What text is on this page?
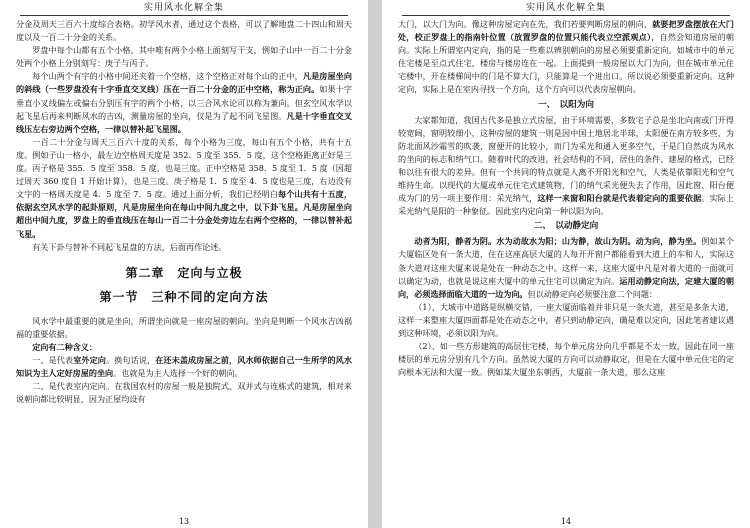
实用风水化解全集

分金及周天三百六十度综合表格。初学风水者，通过这个表格，可以了解地盘二十四山和周天度以及一百二十分金的关系。

罗盘中每个山都有五个小格，其中唯有两个小格上面刻写干支，例如子山中一百二十分金处两个小格上分别刻写：庚子与丙子。

每个山两个有字的小格中间还夹着一个空格，这个空格正对每个山的正中，凡是房屋坐向的斜线（一些罗盘没有十字垂直交叉线）压在一百二十分金的正中空格，称为正向。如果十字垂直小叉线偏左或偏右分别压有字的两个小格，以三合风水论可以称为兼向。但玄空风水学以起飞星后再来判断风水的吉凶，测量房屋的坐向，仅是为了起不同飞星图。凡是十字垂直交叉线压左右旁边两个空格，一律以替补起飞星图。

一百二十分金与周天三百六十度的关系，每个小格为三度，每山有五个小格，共有十五度。例如子山一格小，最左边空格周天度是 352．5 度至 355．5 度，这个空格距离正好是三度。丙子格是 355．5 度至 358．5 度，也是三度。正中空格是 358．5 度至 1．5 度（因超过周天 360 度自 1 开始计算），也是三度。庚子格是 1．5 度至 4．5 度也是三度，右边没有文字的一格周天度是 4．5 度至 7．5 度。通过上面分析，我们已经明白每个山共有十五度，依据玄空风水学的起卦原则，凡是房屋坐向在每山中间九度之中，以下卦飞星。凡是房屋坐向超出中间九度，罗盘上的垂直线压在每山一百二十分金处旁边左右两个空格的，一律以替补起飞星。

有关下卦与替补不同起飞星盘的方法，后面再作论述。

第二章　定向与立极
第一节　三种不同的定向方法

风水学中最重要的就是坐向，所谓坐向就是一座房屋的朝向。坐向是判断一个风水吉凶祸福的重要依据。

定向有二种含义：

一、是代表室外定向。换句话说，在还未盖成房屋之前，风水师依据自己一生所学的风水知识为主人定好房屋的坐向。也就是为主人选择一个好的朝向。

二、是代表室内定向。在我国农村的房屋一般是独院式、双并式与连栋式的建筑，相对来说朝向都比较明显，因为正屋均设有

13
实用风水化解全集

大门，以大门为向。像这种房屋定向在先，我们若要判断房屋的朝向，就要把罗盘摆放在大门处，校正罗盘上的指南针位置（放置罗盘的位置只能代表立空派观点），自然会知道房屋的朝向。实际上所谓室内定向，指的是一些难以辨别朝向的房屋必须要重新定向。如城市中的单元住宅楼是至点式住宅，楼房与楼房连在一起。上面提到一般房屋以大门为向，但在城市单元住宅楼中，开在楼梯间中的门是不算大门，只能算是一个进出口。所以说必须要重新定向。这种定向，实际上是在室内寻找一个方向，这个方向可以代表房屋朝向。

一、　以阳为向

大家都知道，我国古代多是独立式房屋，由于环境需要，多数宅子总是坐北向南或门开得较宽阔，窗明较细小，这种房屋的建筑一则是因中国土地居北半球，太阳便在南方较多些，为防北面风沙霜雪的吹袭，窗便开的比较小，而门为采光和通入更多空气，于是门自然成为风水的坐向的标志和纳气口。随着时代的改进，社会结构的不同，居住的条件、建屋的格式，已经和以往有很大的差异。但有一个共同的特点就是人离不开阳光和空气，人类是依靠阳光和空气维持生命。以现代的大厦或单元住宅式建筑物，门的纳气采光便失去了作用，因此窗、阳台便成为门的另一项主要作用：采光纳气，这样一来窗和阳台就是代表着定向的重要依据。实际上采光纳气是阳的一种象征。因此室内定向第一种以阳为向。

二、　以动静定向

动者为阳，静者为阴。水为动故水为阳；山为静，故山为阴。动为向，静为坐。例如某个大厦临区处有一条大道，住在这座高层大厦的人每开开窗户都能看到大道上的车和人，实际这条大道对这座大厦来说是处在一种动态之中。这样一来，这座大厦中凡是对着大道的一面就可以确定为动，也就是说这座大厦中的单元住宅可以确定为向。运用动静定向法，定建大厦的朝向，必须选择面临大道的一边为向。但以动静定向必须要注意二个问题：

（1）、大城市中道路是纵横交错，一座大厦面临着并非只是一条大道，甚至是多条大道，这样一来整座大厦四面都是处在动态之中，者只到动静定向，确是难以定向，因此笔者建议遇到这种环境，必须以阳为向。

（2）、如一些方形建筑的高层住宅楼，每个单元房分向几乎都是不太一致，因此在同一座楼层的单元房分别有几个方向。虽然说大厦的方向可以动静取定，但是在大厦中单元住宅的定向根本无法和大厦一致。例如某大厦坐东朝西，大厦前一条大道，那么这座

14
